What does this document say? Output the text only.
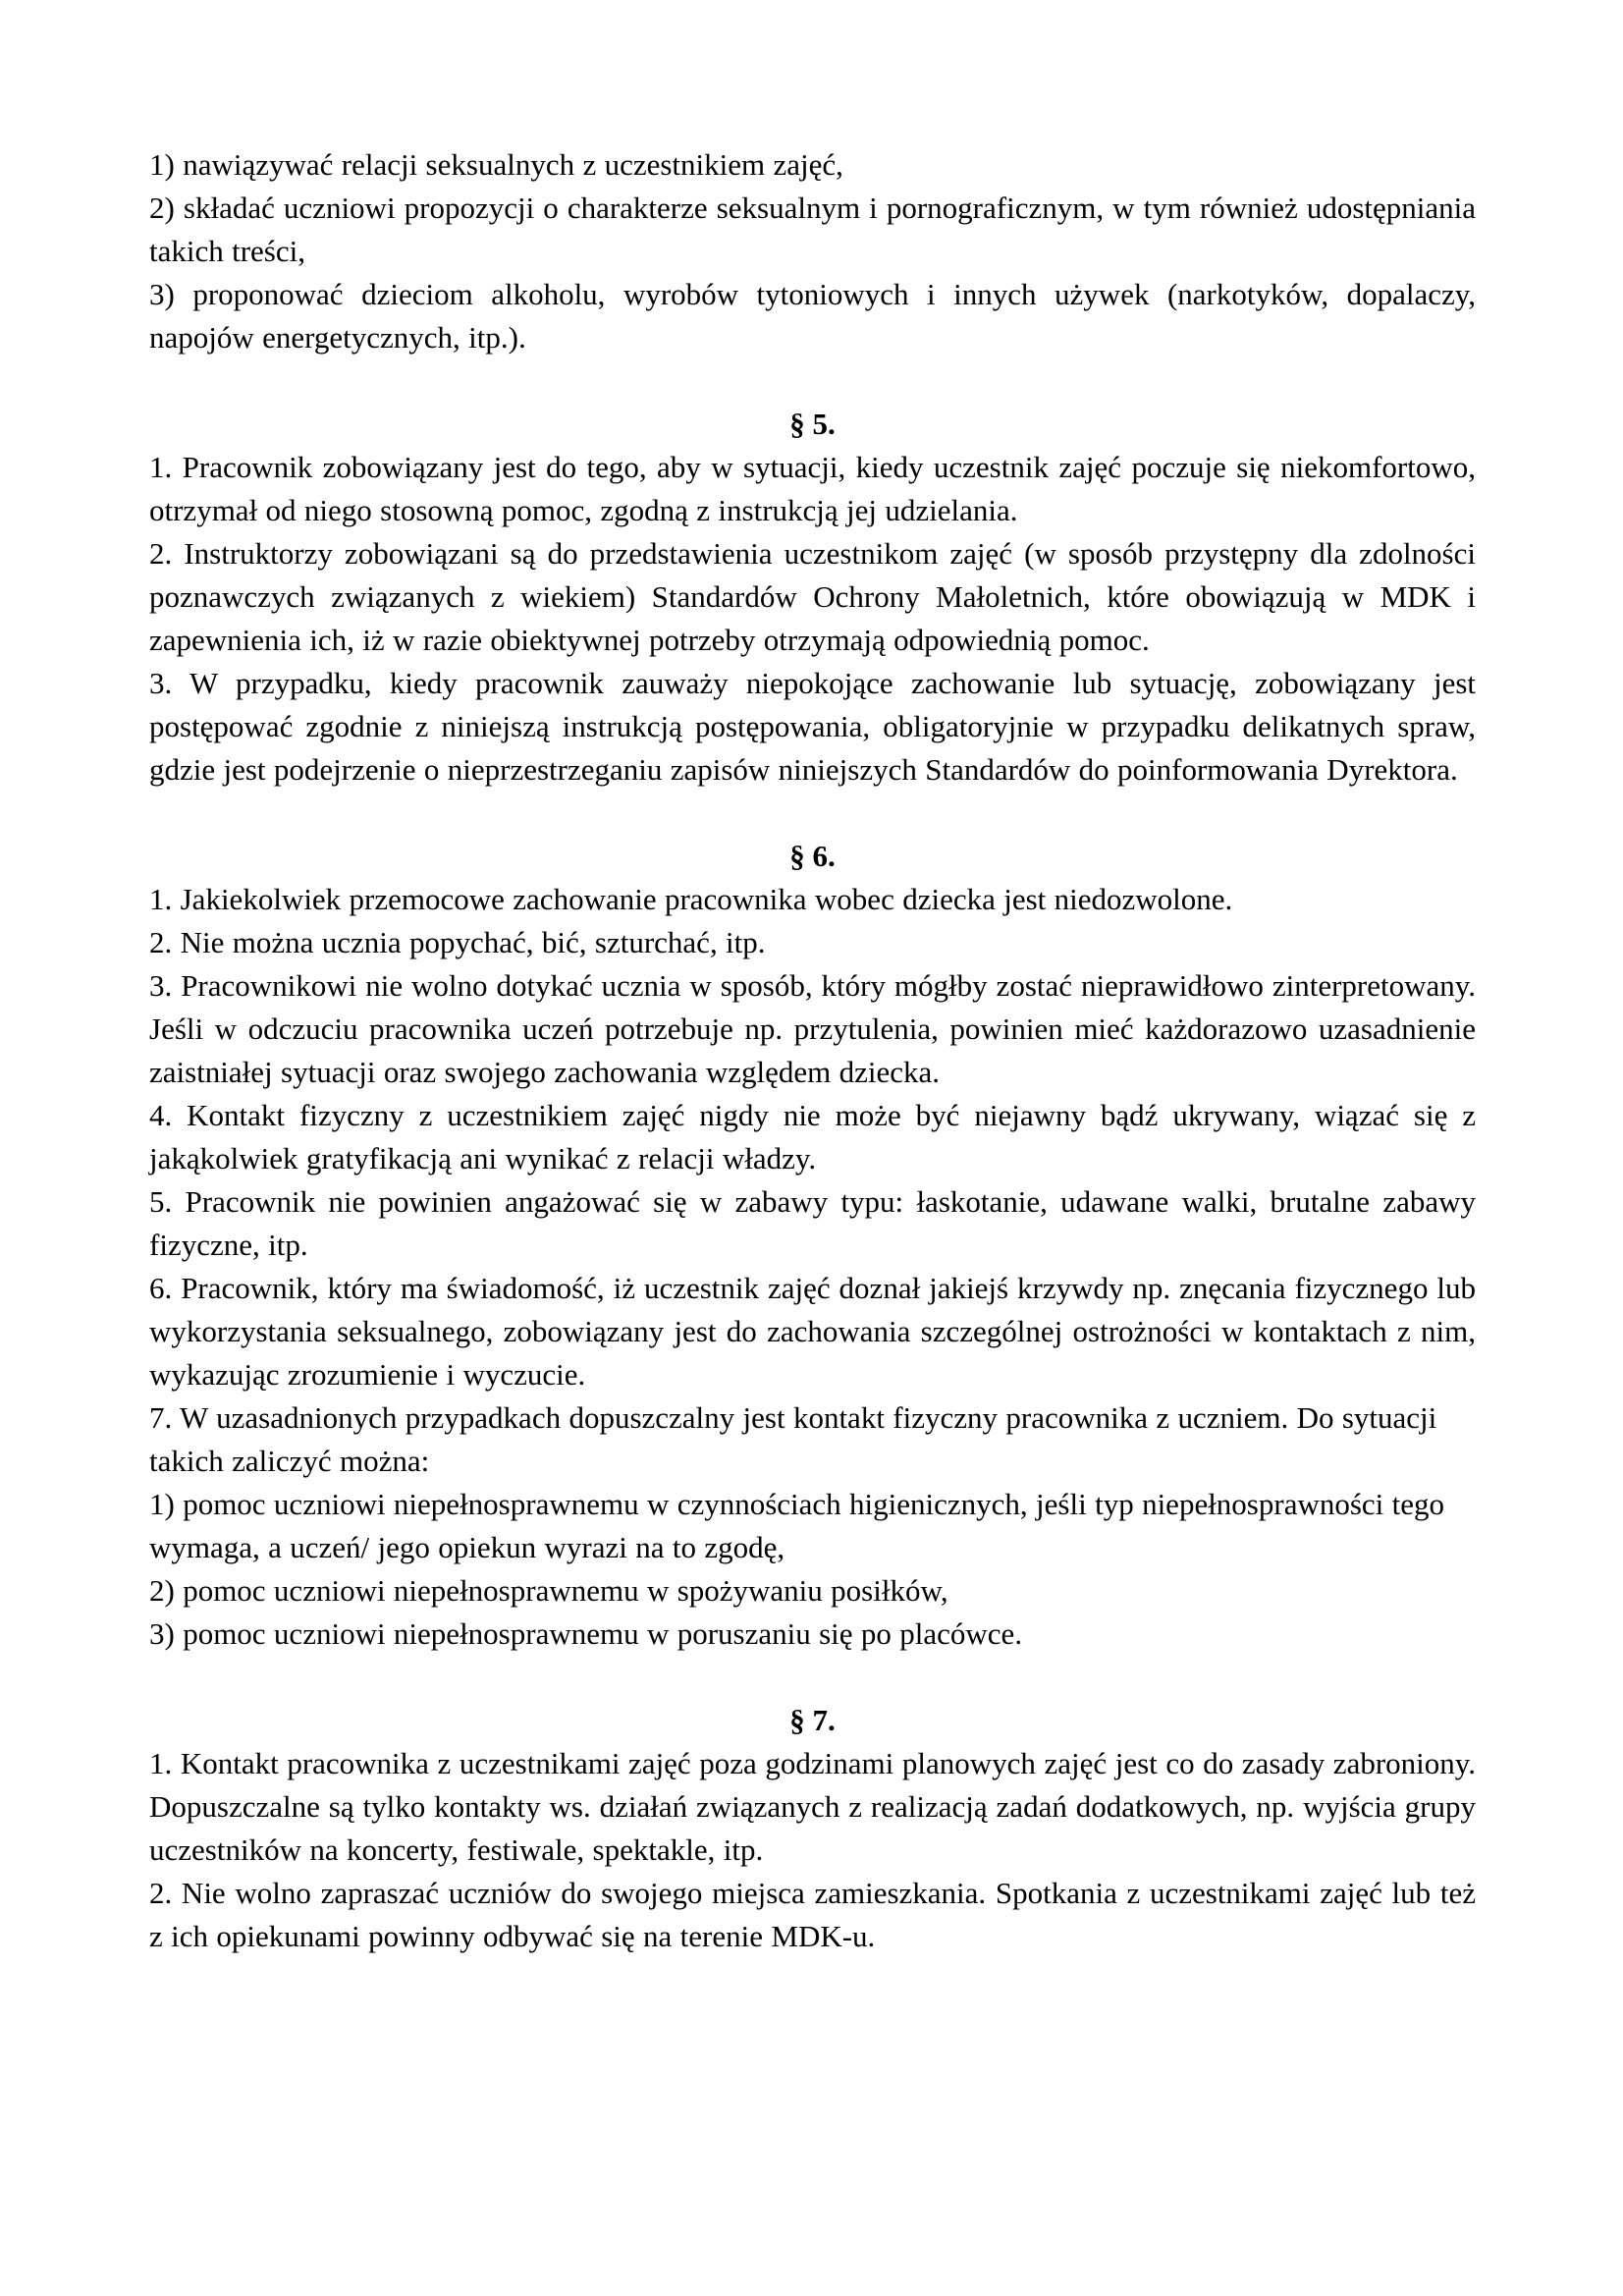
1) nawiązywać relacji seksualnych z uczestnikiem zajęć,

2) składać uczniowi propozycji o charakterze seksualnym i pornograficznym, w tym również udostępniania takich treści,

3) proponować dzieciom alkoholu, wyrobów tytoniowych i innych używek (narkotyków, dopalaczy, napojów energetycznych, itp.).

§ 5.

1. Pracownik zobowiązany jest do tego, aby w sytuacji, kiedy uczestnik zajęć poczuje się niekomfortowo, otrzymał od niego stosowną pomoc, zgodną z instrukcją jej udzielania.

2. Instruktorzy zobowiązani są do przedstawienia uczestnikom zajęć (w sposób przystępny dla zdolności poznawczych związanych z wiekiem) Standardów Ochrony Małoletnich, które obowiązują w MDK i zapewnienia ich, iż w razie obiektywnej potrzeby otrzymają odpowiednią pomoc.

3. W przypadku, kiedy pracownik zauważy niepokojące zachowanie lub sytuację, zobowiązany jest postępować zgodnie z niniejszą instrukcją postępowania, obligatoryjnie w przypadku delikatnych spraw, gdzie jest podejrzenie o nieprzestrzeganiu zapisów niniejszych Standardów do poinformowania Dyrektora.

§ 6.

1. Jakiekolwiek przemocowe zachowanie pracownika wobec dziecka jest niedozwolone.

2. Nie można ucznia popychać, bić, szturchać, itp.

3. Pracownikowi nie wolno dotykać ucznia w sposób, który mógłby zostać nieprawidłowo zinterpretowany. Jeśli w odczuciu pracownika uczeń potrzebuje np. przytulenia, powinien mieć każdorazowo uzasadnienie zaistniałej sytuacji oraz swojego zachowania względem dziecka.

4. Kontakt fizyczny z uczestnikiem zajęć nigdy nie może być niejawny bądź ukrywany, wiązać się z jakąkolwiek gratyfikacją ani wynikać z relacji władzy.

5. Pracownik nie powinien angażować się w zabawy typu: łaskotanie, udawane walki, brutalne zabawy fizyczne, itp.

6. Pracownik, który ma świadomość, iż uczestnik zajęć doznał jakiejś krzywdy np. znęcania fizycznego lub wykorzystania seksualnego, zobowiązany jest do zachowania szczególnej ostrożności w kontaktach z nim, wykazując zrozumienie i wyczucie.

7. W uzasadnionych przypadkach dopuszczalny jest kontakt fizyczny pracownika z uczniem. Do sytuacji takich zaliczyć można:

1) pomoc uczniowi niepełnosprawnemu w czynnościach higienicznych, jeśli typ niepełnosprawności tego wymaga, a uczeń/ jego opiekun wyrazi na to zgodę,

2) pomoc uczniowi niepełnosprawnemu w spożywaniu posiłków,

3) pomoc uczniowi niepełnosprawnemu w poruszaniu się po placówce.

§ 7.

1. Kontakt pracownika z uczestnikami zajęć poza godzinami planowych zajęć jest co do zasady zabroniony. Dopuszczalne są tylko kontakty ws. działań związanych z realizacją zadań dodatkowych, np. wyjścia grupy uczestników na koncerty, festiwale, spektakle, itp.

2. Nie wolno zapraszać uczniów do swojego miejsca zamieszkania. Spotkania z uczestnikami zajęć lub też z ich opiekunami powinny odbywać się na terenie MDK-u.
